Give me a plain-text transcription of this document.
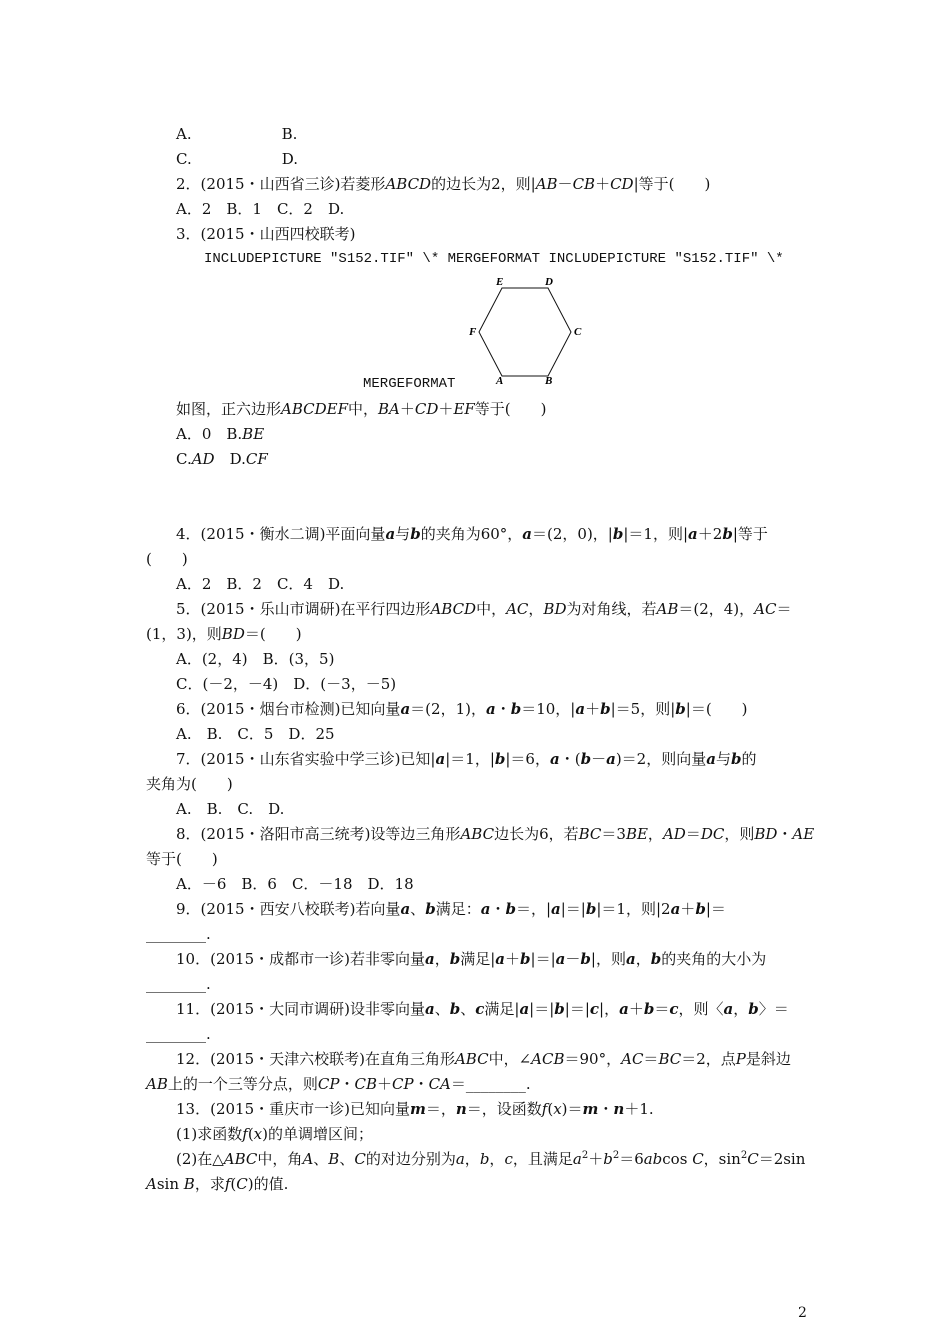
A.　　　　　　B.
C.　　　　　　D.
2．(2015・山西省三诊)若菱形ABCD的边长为2，则|AB－CB＋CD|等于(　　)
A．2　B．1　C．2　D.
3．(2015・山西四校联考)
INCLUDEPICTURE "S152.TIF" \* MERGEFORMAT INCLUDEPICTURE "S152.TIF" \*
E	D
F	C
A	B
MERGEFORMAT
如图，正六边形ABCDEF中，BA＋CD＋EF等于(　　)
A．0　B.BE
C.AD　D.CF
4．(2015・衡水二调)平面向量a与b的夹角为60°，a＝(2，0)，|b|＝1，则|a＋2b|等于
(　　)
A．2　B．2　C．4　D.
5．(2015・乐山市调研)在平行四边形ABCD中，AC，BD为对角线，若AB＝(2，4)，AC＝
(1，3)，则BD＝(　　)
A．(2，4)　B．(3，5)
C．(－2，－4)　D．(－3，－5)
6．(2015・烟台市检测)已知向量a＝(2，1)，a・b＝10，|a＋b|＝5，则|b|＝(　　)
A.　B.　C．5　D．25
7．(2015・山东省实验中学三诊)已知|a|＝1，|b|＝6，a・(b－a)＝2，则向量a与b的
夹角为(　　)
A.　B.　C.　D.
8．(2015・洛阳市高三统考)设等边三角形ABC边长为6，若BC＝3BE，AD＝DC，则BD・AE
等于(　　)
A．－6　B．6　C．－18　D．18
9．(2015・西安八校联考)若向量a、b满足：a・b＝，|a|＝|b|＝1，则|2a＋b|＝
________.
10．(2015・成都市一诊)若非零向量a，b满足|a＋b|＝|a－b|，则a，b的夹角的大小为
________.
11．(2015・大同市调研)设非零向量a、b、c满足|a|＝|b|＝|c|，a＋b＝c，则〈a，b〉＝
________.
12．(2015・天津六校联考)在直角三角形ABC中，∠ACB＝90°，AC＝BC＝2，点P是斜边
AB上的一个三等分点，则CP・CB＋CP・CA＝________.
13．(2015・重庆市一诊)已知向量m＝，n＝，设函数f(x)＝m・n＋1.
(1)求函数f(x)的单调增区间；
(2)在△ABC中，角A、B、C的对边分别为a，b，c，且满足$a^2+b^2=6abcos$ C，$\sin^2C=2\sin$
Asin B，求f(C)的值.
2
